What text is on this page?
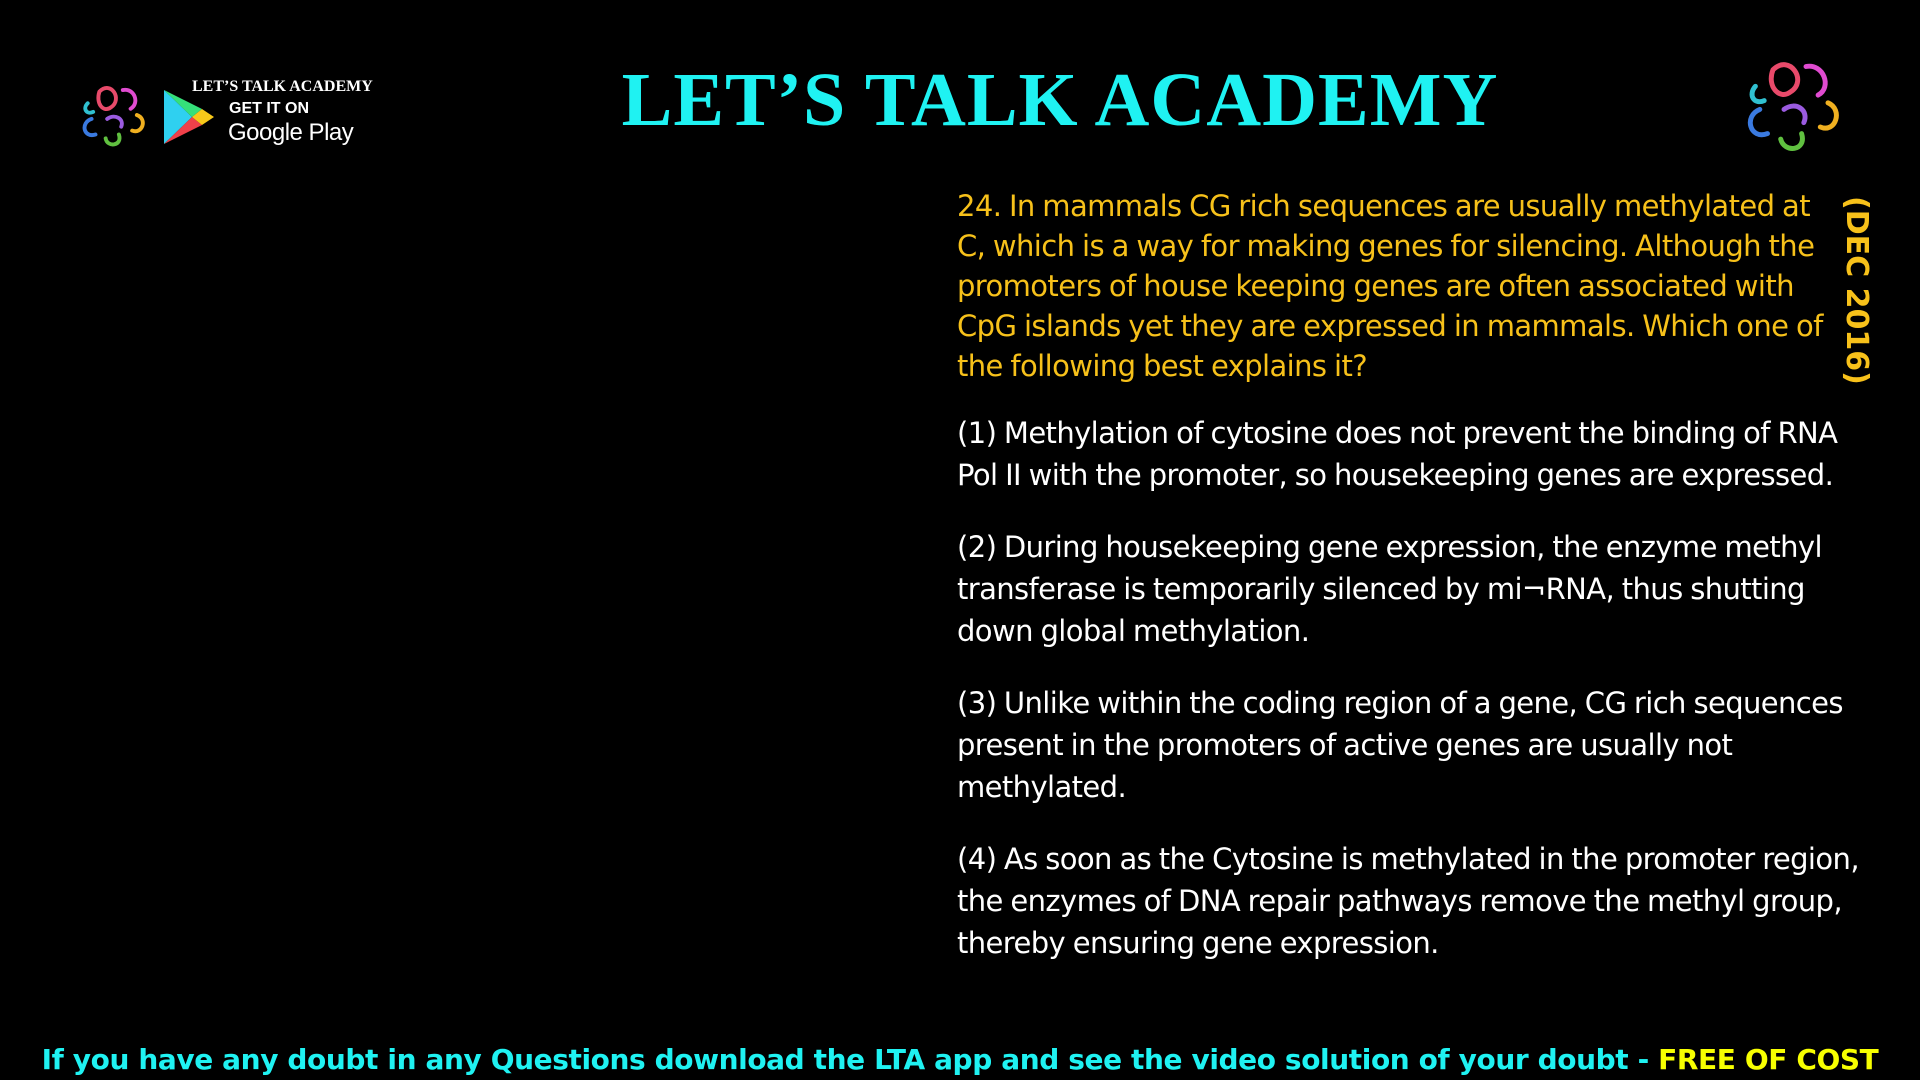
LET’S TALK ACADEMY
GET IT ON
Google Play	LET’S TALK ACADEMY

24. In mammals CG rich sequences are usually methylated at C, which is a way for making genes for silencing. Although the promoters of house keeping genes are often associated with CpG islands yet they are expressed in mammals. Which one of the following best explains it?

(1) Methylation of cytosine does not prevent the binding of RNA Pol II with the promoter, so housekeeping genes are expressed.

(2) During housekeeping gene expression, the enzyme methyl transferase is temporarily silenced by mi¬RNA, thus shutting down global methylation.

(3) Unlike within the coding region of a gene, CG rich sequences present in the promoters of active genes are usually not methylated.

(4) As soon as the Cytosine is methylated in the promoter region, the enzymes of DNA repair pathways remove the methyl group, thereby ensuring gene expression.

(DEC 2016)
If you have any doubt in any Questions download the LTA app and see the video solution of your doubt - FREE OF COST
